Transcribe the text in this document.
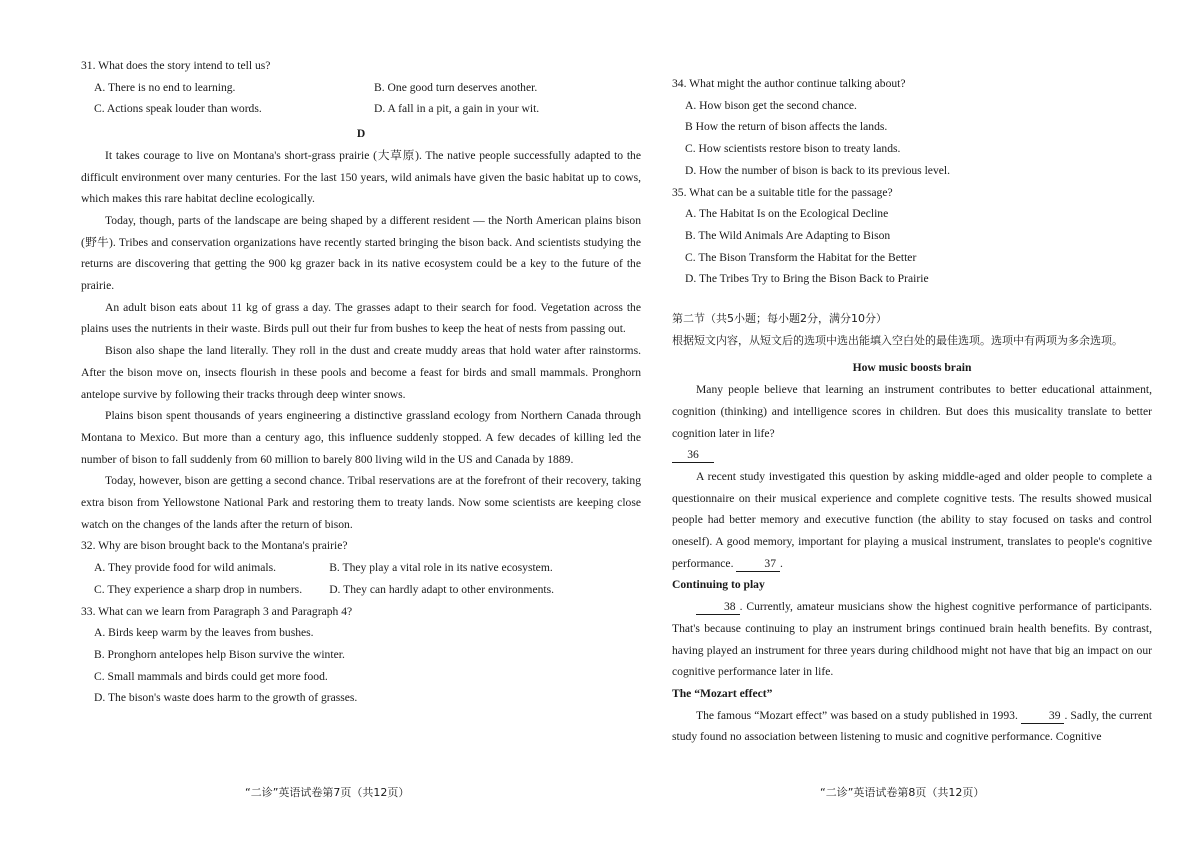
31. What does the story intend to tell us?

A. There is no end to learning.	B. One good turn deserves another.

C. Actions speak louder than words.	D. A fall in a pit, a gain in your wit.

D

It takes courage to live on Montana's short-grass prairie (大草原). The native people successfully adapted to the difficult environment over many centuries. For the last 150 years, wild animals have given the basic habitat up to cows, which makes this rare habitat decline ecologically.

Today, though, parts of the landscape are being shaped by a different resident — the North American plains bison (野牛). Tribes and conservation organizations have recently started bringing the bison back. And scientists studying the returns are discovering that getting the 900 kg grazer back in its native ecosystem could be a key to the future of the prairie.

An adult bison eats about 11 kg of grass a day. The grasses adapt to their search for food. Vegetation across the plains uses the nutrients in their waste. Birds pull out their fur from bushes to keep the heat of nests from passing out.

Bison also shape the land literally. They roll in the dust and create muddy areas that hold water after rainstorms. After the bison move on, insects flourish in these pools and become a feast for birds and small mammals. Pronghorn antelope survive by following their tracks through deep winter snows.

Plains bison spent thousands of years engineering a distinctive grassland ecology from Northern Canada through Montana to Mexico. But more than a century ago, this influence suddenly stopped. A few decades of killing led the number of bison to fall suddenly from 60 million to barely 800 living wild in the US and Canada by 1889.

Today, however, bison are getting a second chance. Tribal reservations are at the forefront of their recovery, taking extra bison from Yellowstone National Park and restoring them to treaty lands. Now some scientists are keeping close watch on the changes of the lands after the return of bison.

32. Why are bison brought back to the Montana's prairie?

A. They provide food for wild animals.	B. They play a vital role in its native ecosystem.

C. They experience a sharp drop in numbers.	D. They can hardly adapt to other environments.

33. What can we learn from Paragraph 3 and Paragraph 4?

A. Birds keep warm by the leaves from bushes.

B. Pronghorn antelopes help Bison survive the winter.

C. Small mammals and birds could get more food.

D. The bison's waste does harm to the growth of grasses.

“二诊”英语试卷第7页（共12页）

34. What might the author continue talking about?

A. How bison get the second chance.

B How the return of bison affects the lands.

C. How scientists restore bison to treaty lands.

D. How the number of bison is back to its previous level.

35. What can be a suitable title for the passage?

A. The Habitat Is on the Ecological Decline

B. The Wild Animals Are Adapting to Bison

C. The Bison Transform the Habitat for the Better

D. The Tribes Try to Bring the Bison Back to Prairie

第二节（共5小题；每小题2分，满分10分）

根据短文内容，从短文后的选项中选出能填入空白处的最佳选项。选项中有两项为多余选项。

How music boosts brain

Many people believe that learning an instrument contributes to better educational attainment, cognition (thinking) and intelligence scores in children. But does this musicality translate to better cognition later in life?

36

A recent study investigated this question by asking middle-aged and older people to complete a questionnaire on their musical experience and complete cognitive tests. The results showed musical people had better memory and executive function (the ability to stay focused on tasks and control oneself). A good memory, important for playing a musical instrument, translates to people's cognitive performance.	37 .

Continuing to play

38 . Currently, amateur musicians show the highest cognitive performance of participants. That's because continuing to play an instrument brings continued brain health benefits. By contrast, having played an instrument for three years during childhood might not have that big an impact on our cognitive performance later in life.

The “Mozart effect”

The famous “Mozart effect” was based on a study published in 1993.	39 . Sadly, the current study found no association between listening to music and cognitive performance. Cognitive

“二诊”英语试卷第8页（共12页）
